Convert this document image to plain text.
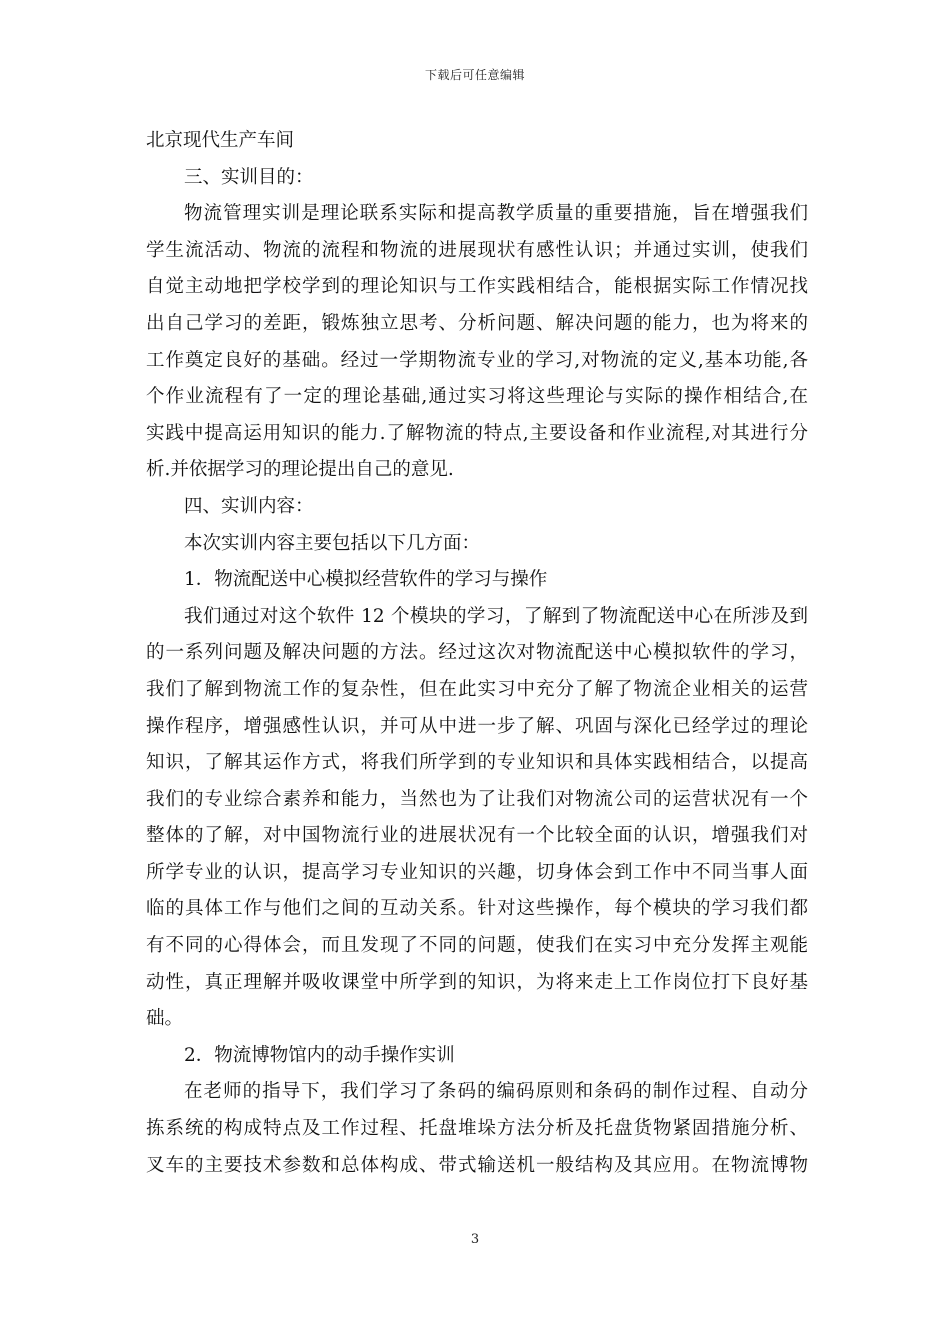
下载后可任意编辑
北京现代生产车间
三、实训目的：
物流管理实训是理论联系实际和提高教学质量的重要措施，旨在增强我们
学生流活动、物流的流程和物流的进展现状有感性认识；并通过实训，使我们
自觉主动地把学校学到的理论知识与工作实践相结合，能根据实际工作情况找
出自己学习的差距，锻炼独立思考、分析问题、解决问题的能力，也为将来的
工作奠定良好的基础。经过一学期物流专业的学习,对物流的定义,基本功能,各
个作业流程有了一定的理论基础,通过实习将这些理论与实际的操作相结合,在
实践中提高运用知识的能力.了解物流的特点,主要设备和作业流程,对其进行分
析.并依据学习的理论提出自己的意见.
四、实训内容：
本次实训内容主要包括以下几方面：
1．物流配送中心模拟经营软件的学习与操作
我们通过对这个软件 12 个模块的学习，了解到了物流配送中心在所涉及到
的一系列问题及解决问题的方法。经过这次对物流配送中心模拟软件的学习，
我们了解到物流工作的复杂性，但在此实习中充分了解了物流企业相关的运营
操作程序，增强感性认识，并可从中进一步了解、巩固与深化已经学过的理论
知识，了解其运作方式，将我们所学到的专业知识和具体实践相结合，以提高
我们的专业综合素养和能力，当然也为了让我们对物流公司的运营状况有一个
整体的了解，对中国物流行业的进展状况有一个比较全面的认识，增强我们对
所学专业的认识，提高学习专业知识的兴趣，切身体会到工作中不同当事人面
临的具体工作与他们之间的互动关系。针对这些操作，每个模块的学习我们都
有不同的心得体会，而且发现了不同的问题，使我们在实习中充分发挥主观能
动性，真正理解并吸收课堂中所学到的知识，为将来走上工作岗位打下良好基
础。
2．物流博物馆内的动手操作实训
在老师的指导下，我们学习了条码的编码原则和条码的制作过程、自动分
拣系统的构成特点及工作过程、托盘堆垛方法分析及托盘货物紧固措施分析、
叉车的主要技术参数和总体构成、带式输送机一般结构及其应用。在物流博物
3
